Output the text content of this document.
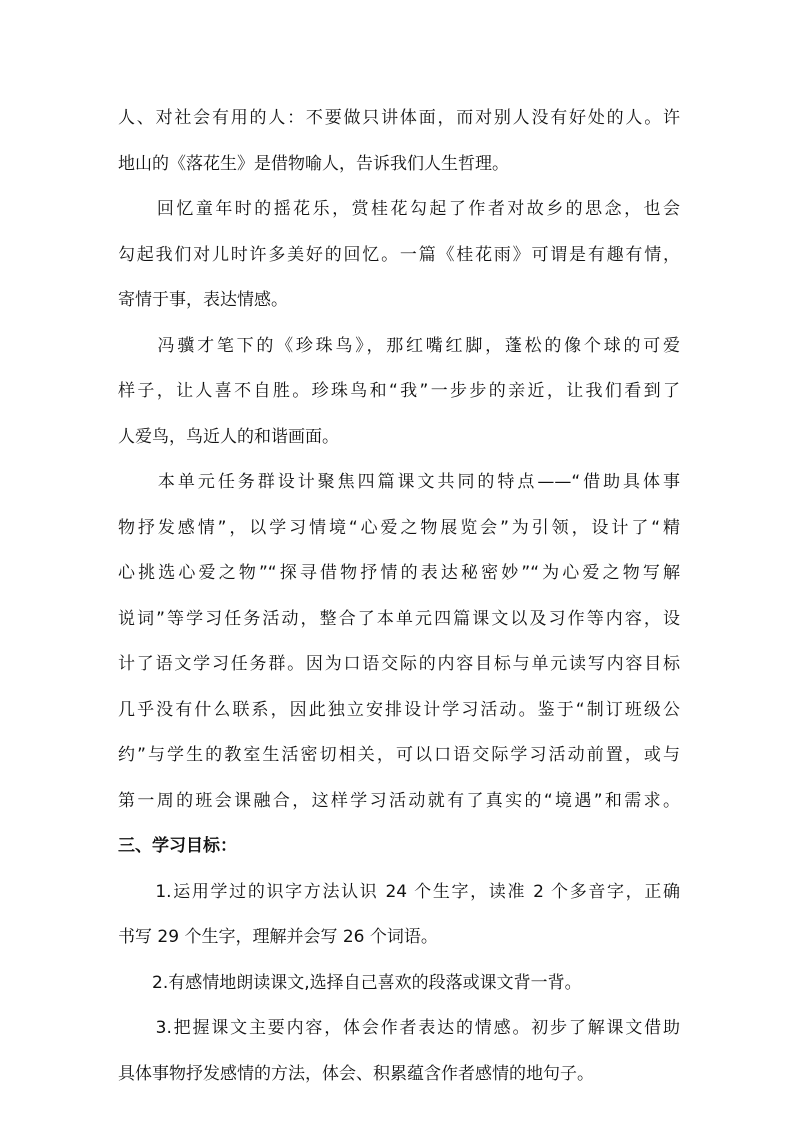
人、对社会有用的人：不要做只讲体面，而对别人没有好处的人。许
地山的《落花生》是借物喻人，告诉我们人生哲理。
　　回忆童年时的摇花乐，赏桂花勾起了作者对故乡的思念，也会
勾起我们对儿时许多美好的回忆。一篇《桂花雨》可谓是有趣有情，
寄情于事，表达情感。
　　冯骥才笔下的《珍珠鸟》，那红嘴红脚，蓬松的像个球的可爱
样子，让人喜不自胜。珍珠鸟和“我”一步步的亲近，让我们看到了
人爱鸟，鸟近人的和谐画面。
　　本单元任务群设计聚焦四篇课文共同的特点——“借助具体事
物抒发感情”，以学习情境“心爱之物展览会”为引领，设计了“精
心挑选心爱之物”“探寻借物抒情的表达秘密妙”“为心爱之物写解
说词”等学习任务活动，整合了本单元四篇课文以及习作等内容，设
计了语文学习任务群。因为口语交际的内容目标与单元读写内容目标
几乎没有什么联系，因此独立安排设计学习活动。鉴于“制订班级公
约”与学生的教室生活密切相关，可以口语交际学习活动前置，或与
第一周的班会课融合，这样学习活动就有了真实的“境遇”和需求。
三、学习目标：
　　1.运用学过的识字方法认识 24 个生字，读准 2 个多音字，正确
书写 29 个生字，理解并会写 26 个词语。
　　2.有感情地朗读课文,选择自己喜欢的段落或课文背一背。
　　3.把握课文主要内容，体会作者表达的情感。初步了解课文借助
具体事物抒发感情的方法，体会、积累蕴含作者感情的地句子。
